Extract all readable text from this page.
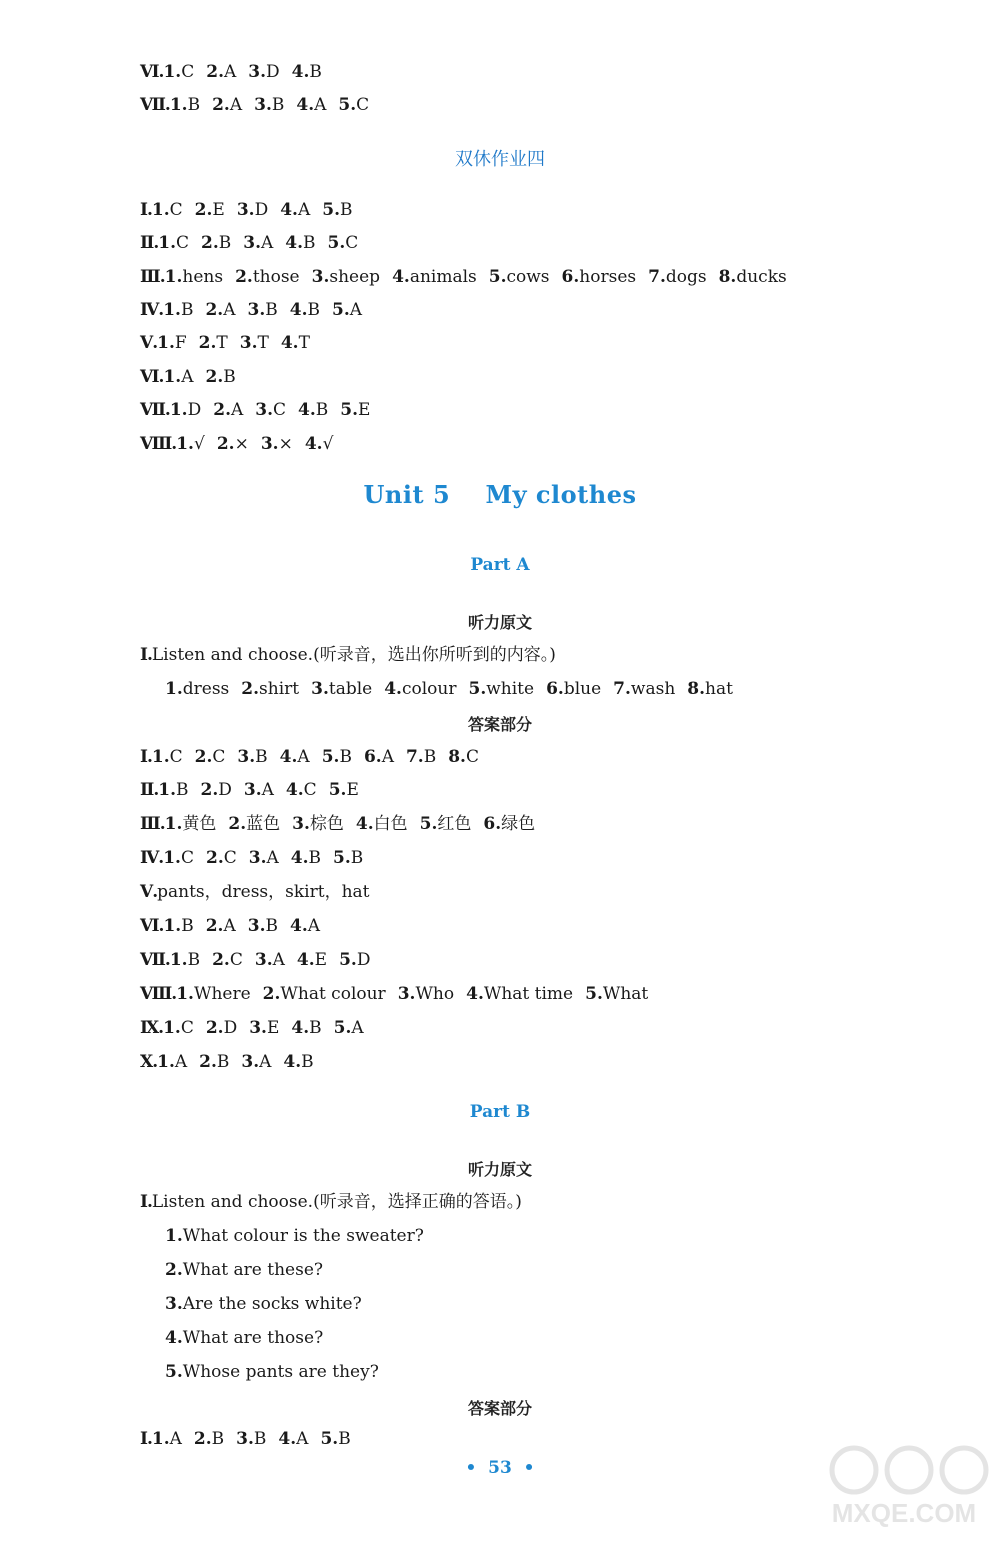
Ⅵ.1.C 2.A 3.D 4.B
Ⅶ.1.B 2.A 3.B 4.A 5.C
双休作业四
Ⅰ.1.C 2.E 3.D 4.A 5.B
Ⅱ.1.C 2.B 3.A 4.B 5.C
Ⅲ.1.hens 2.those 3.sheep 4.animals 5.cows 6.horses 7.dogs 8.ducks
Ⅳ.1.B 2.A 3.B 4.B 5.A
Ⅴ.1.F 2.T 3.T 4.T
Ⅵ.1.A 2.B
Ⅶ.1.D 2.A 3.C 4.B 5.E
Ⅷ.1.√ 2.× 3.× 4.√
Unit 5    My clothes
Part A
听力原文
Ⅰ.Listen and choose.(听录音，选出你所听到的内容。)
1.dress 2.shirt 3.table 4.colour 5.white 6.blue 7.wash 8.hat
答案部分
Ⅰ.1.C 2.C 3.B 4.A 5.B 6.A 7.B 8.C
Ⅱ.1.B 2.D 3.A 4.C 5.E
Ⅲ.1.黄色 2.蓝色 3.棕色 4.白色 5.红色 6.绿色
Ⅳ.1.C 2.C 3.A 4.B 5.B
Ⅴ.pants，dress，skirt，hat
Ⅵ.1.B 2.A 3.B 4.A
Ⅶ.1.B 2.C 3.A 4.E 5.D
Ⅷ.1.Where 2.What colour 3.Who 4.What time 5.What
Ⅸ.1.C 2.D 3.E 4.B 5.A
Ⅹ.1.A 2.B 3.A 4.B
Part B
听力原文
Ⅰ.Listen and choose.(听录音，选择正确的答语。)
1.What colour is the sweater?
2.What are these?
3.Are the socks white?
4.What are those?
5.Whose pants are they?
答案部分
Ⅰ.1.A 2.B 3.B 4.A 5.B
•  53  •
MXQE.COM
